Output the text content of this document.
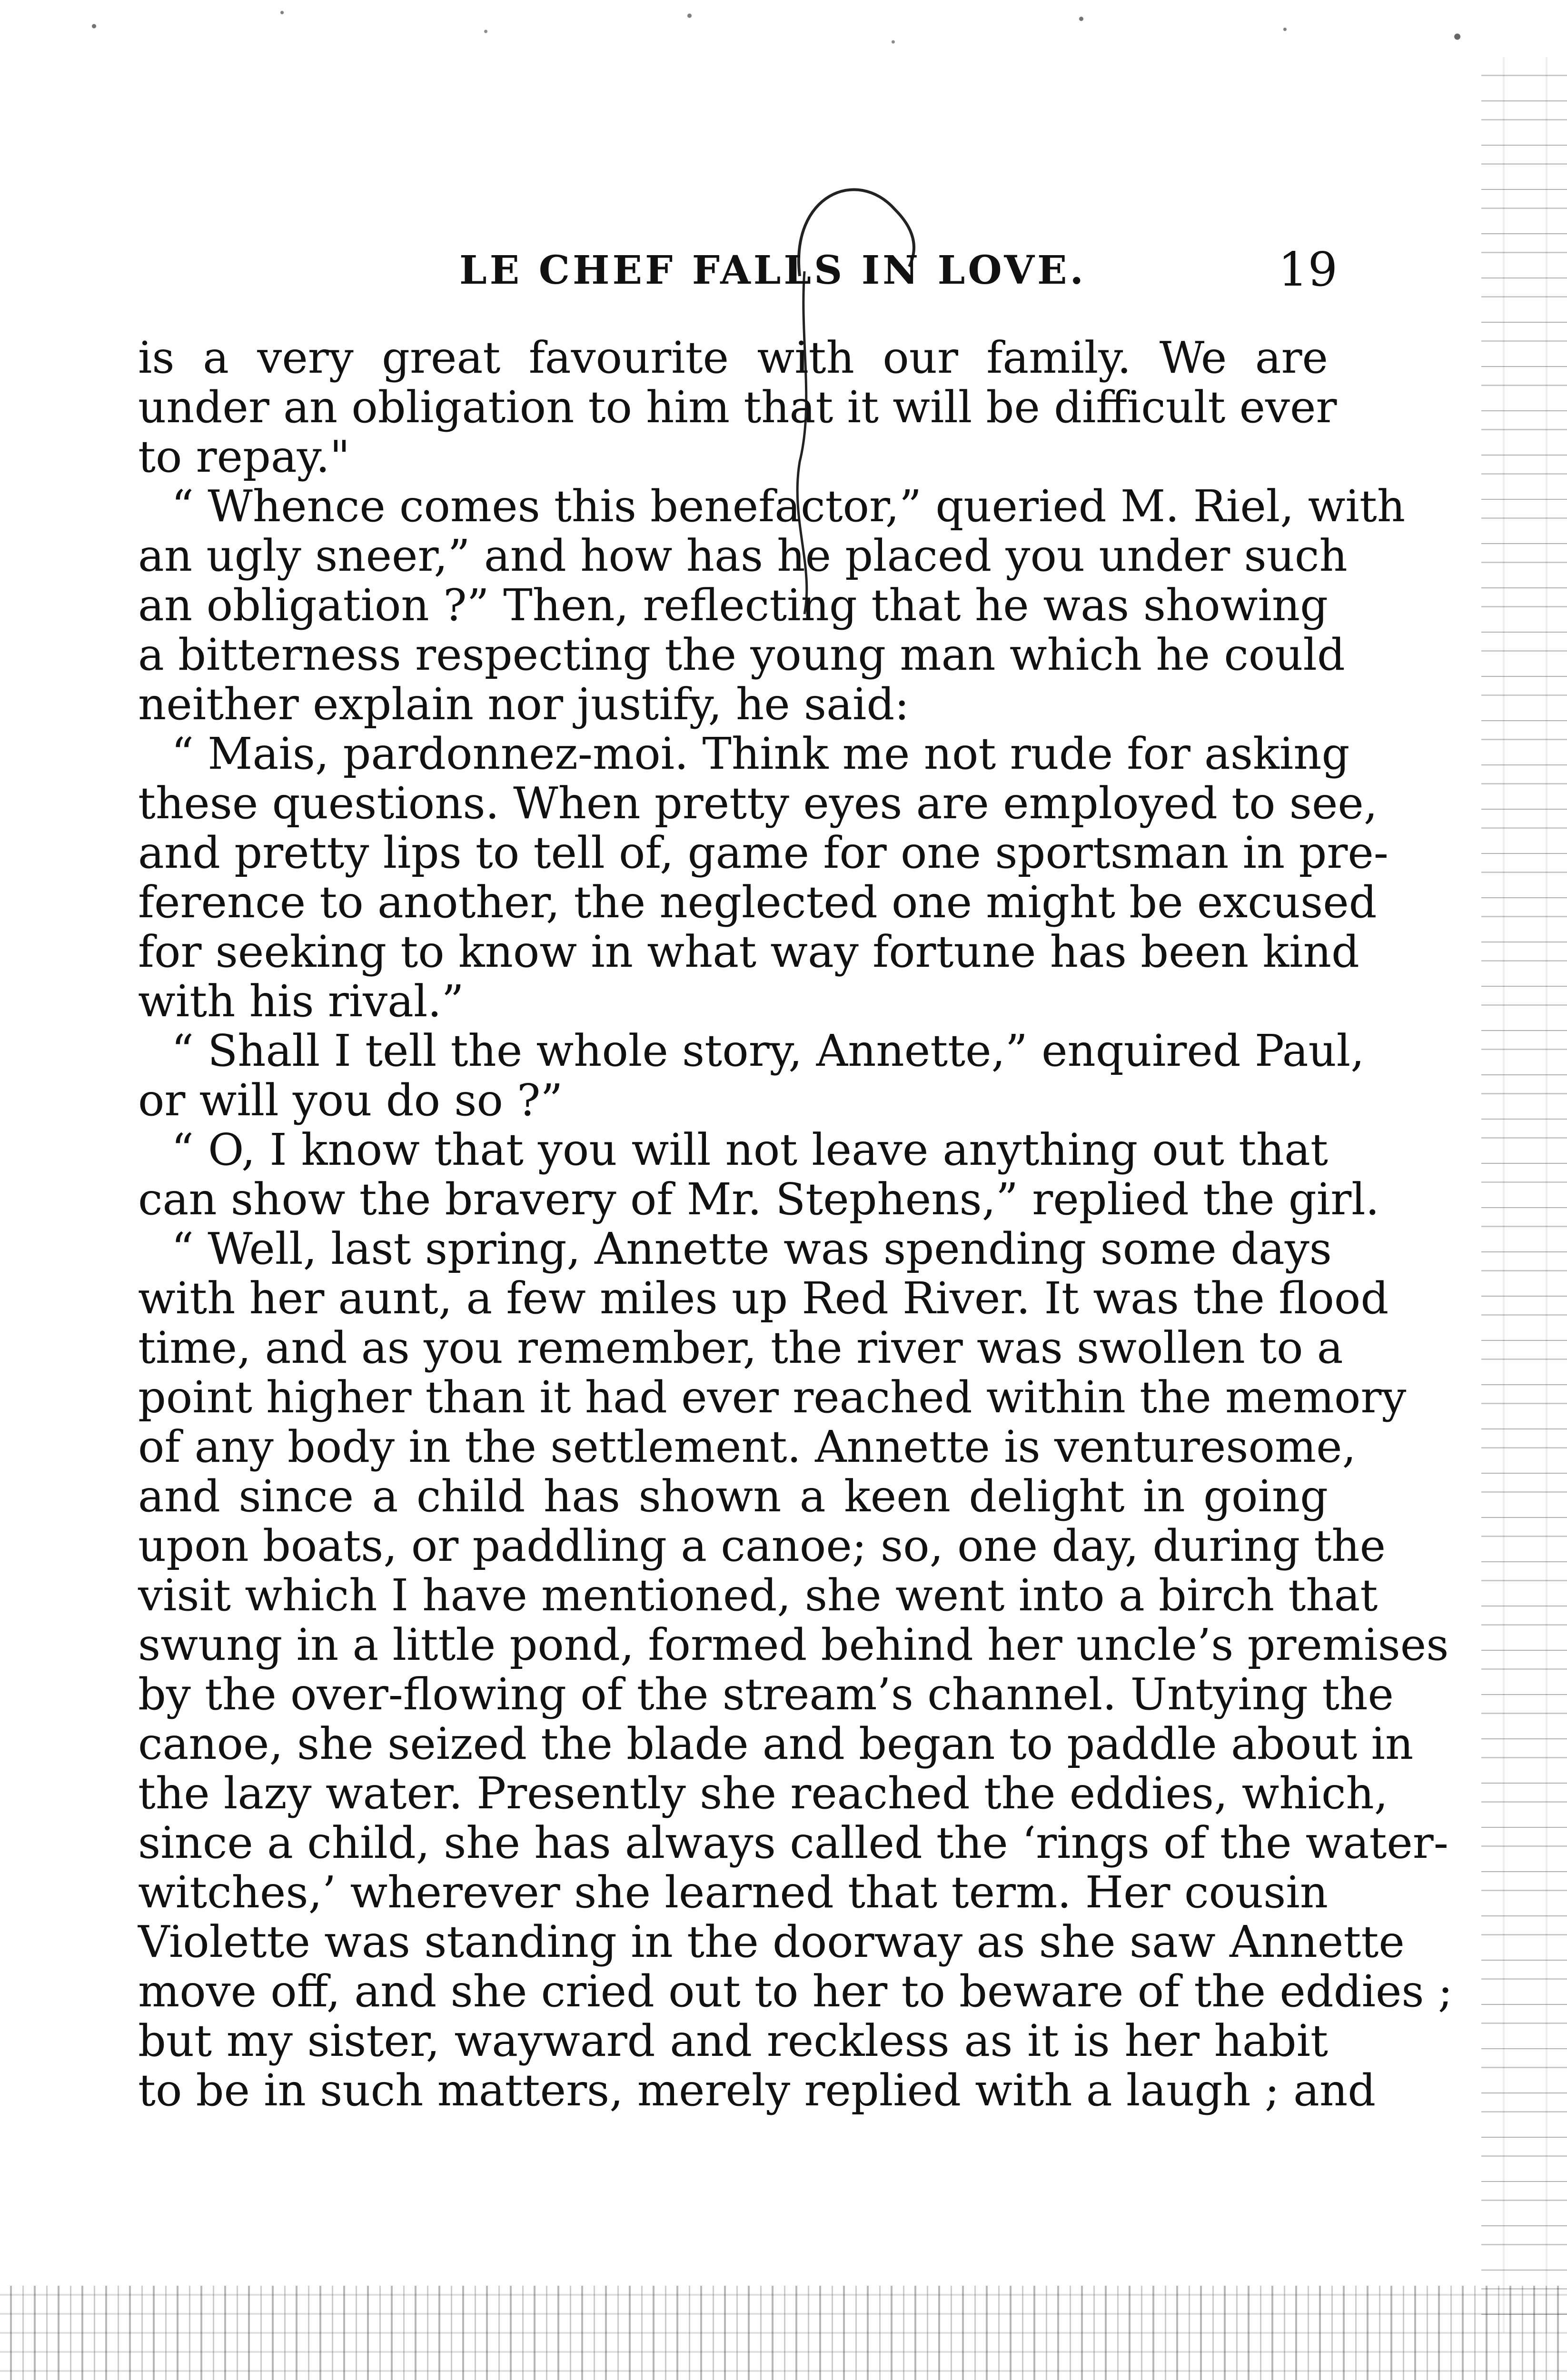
LE CHEF FALLS IN LOVE.	19
is a very great favourite with our family. We are
under an obligation to him that it will be difficult ever
to repay."
“ Whence comes this benefactor,” queried M. Riel, with
an ugly sneer,” and how has he placed you under such
an obligation ?” Then, reflecting that he was showing
a bitterness respecting the young man which he could
neither explain nor justify, he said:
“ Mais, pardonnez-moi. Think me not rude for asking
these questions. When pretty eyes are employed to see,
and pretty lips to tell of, game for one sportsman in pre-
ference to another, the neglected one might be excused
for seeking to know in what way fortune has been kind
with his rival.”
“ Shall I tell the whole story, Annette,” enquired Paul,
or will you do so ?”
“ O, I know that you will not leave anything out that
can show the bravery of Mr. Stephens,” replied the girl.
“ Well, last spring, Annette was spending some days
with her aunt, a few miles up Red River. It was the flood
time, and as you remember, the river was swollen to a
point higher than it had ever reached within the memory
of any body in the settlement. Annette is venturesome,
and since a child has shown a keen delight in going
upon boats, or paddling a canoe; so, one day, during the
visit which I have mentioned, she went into a birch that
swung in a little pond, formed behind her uncle’s premises
by the over-flowing of the stream’s channel. Untying the
canoe, she seized the blade and began to paddle about in
the lazy water. Presently she reached the eddies, which,
since a child, she has always called the ‘rings of the water-
witches,’ wherever she learned that term. Her cousin
Violette was standing in the doorway as she saw Annette
move off, and she cried out to her to beware of the eddies ;
but my sister, wayward and reckless as it is her habit
to be in such matters, merely replied with a laugh ; and
